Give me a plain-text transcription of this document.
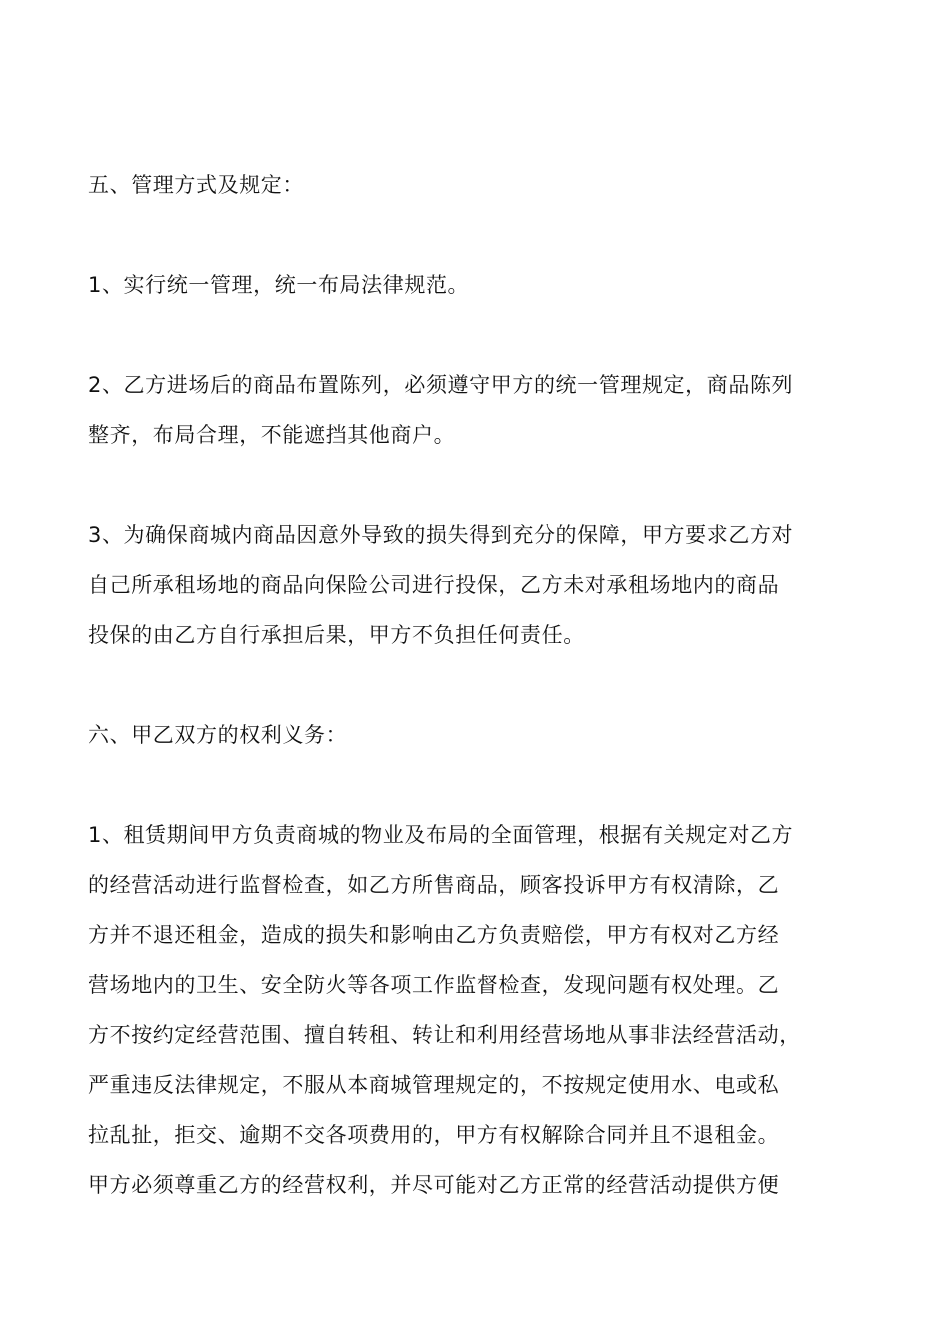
五、管理方式及规定：
1、实行统一管理，统一布局法律规范。
2、乙方进场后的商品布置陈列，必须遵守甲方的统一管理规定，商品陈列
整齐，布局合理，不能遮挡其他商户。
3、为确保商城内商品因意外导致的损失得到充分的保障，甲方要求乙方对
自己所承租场地的商品向保险公司进行投保，乙方未对承租场地内的商品
投保的由乙方自行承担后果，甲方不负担任何责任。
六、甲乙双方的权利义务：
1、租赁期间甲方负责商城的物业及布局的全面管理，根据有关规定对乙方
的经营活动进行监督检查，如乙方所售商品，顾客投诉甲方有权清除，乙
方并不退还租金，造成的损失和影响由乙方负责赔偿，甲方有权对乙方经
营场地内的卫生、安全防火等各项工作监督检查，发现问题有权处理。乙
方不按约定经营范围、擅自转租、转让和利用经营场地从事非法经营活动，
严重违反法律规定，不服从本商城管理规定的，不按规定使用水、电或私
拉乱扯，拒交、逾期不交各项费用的，甲方有权解除合同并且不退租金。
甲方必须尊重乙方的经营权利，并尽可能对乙方正常的经营活动提供方便
